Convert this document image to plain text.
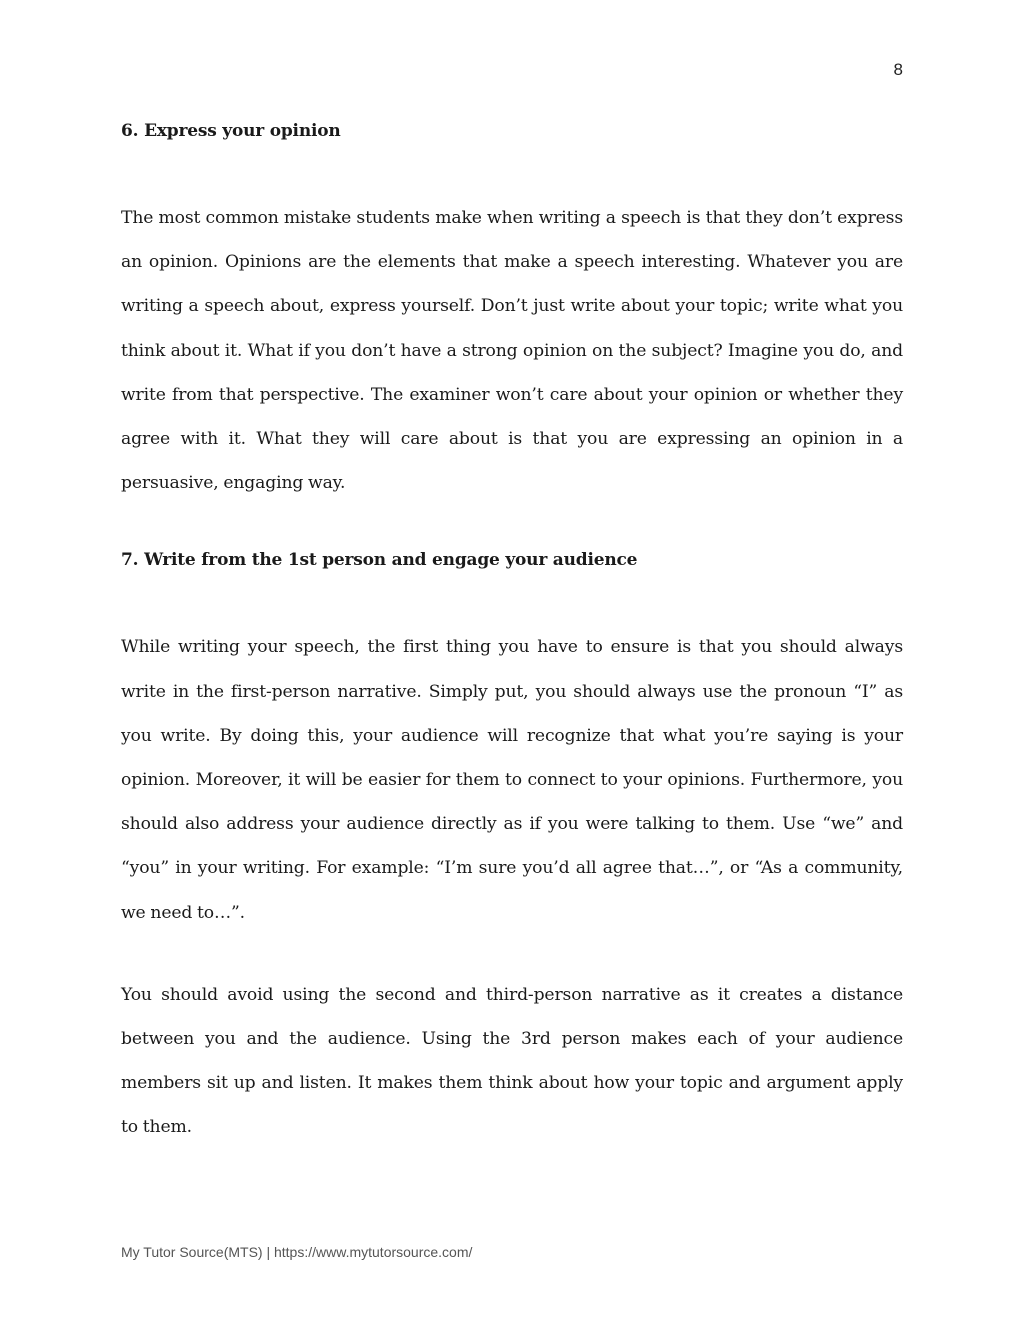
8
6. Express your opinion

The most common mistake students make when writing a speech is that they don’t express an opinion. Opinions are the elements that make a speech interesting. Whatever you are writing a speech about, express yourself. Don’t just write about your topic; write what you think about it. What if you don’t have a strong opinion on the subject? Imagine you do, and write from that perspective. The examiner won’t care about your opinion or whether they agree with it. What they will care about is that you are expressing an opinion in a persuasive, engaging way.

7. Write from the 1st person and engage your audience

While writing your speech, the first thing you have to ensure is that you should always write in the first-person narrative. Simply put, you should always use the pronoun “I” as you write. By doing this, your audience will recognize that what you’re saying is your opinion. Moreover, it will be easier for them to connect to your opinions. Furthermore, you should also address your audience directly as if you were talking to them. Use “we” and “you” in your writing. For example: “I’m sure you’d all agree that…”, or “As a community, we need to…”.

You should avoid using the second and third-person narrative as it creates a distance between you and the audience. Using the 3rd person makes each of your audience members sit up and listen. It makes them think about how your topic and argument apply to them.

My Tutor Source(MTS) | https://www.mytutorsource.com/
